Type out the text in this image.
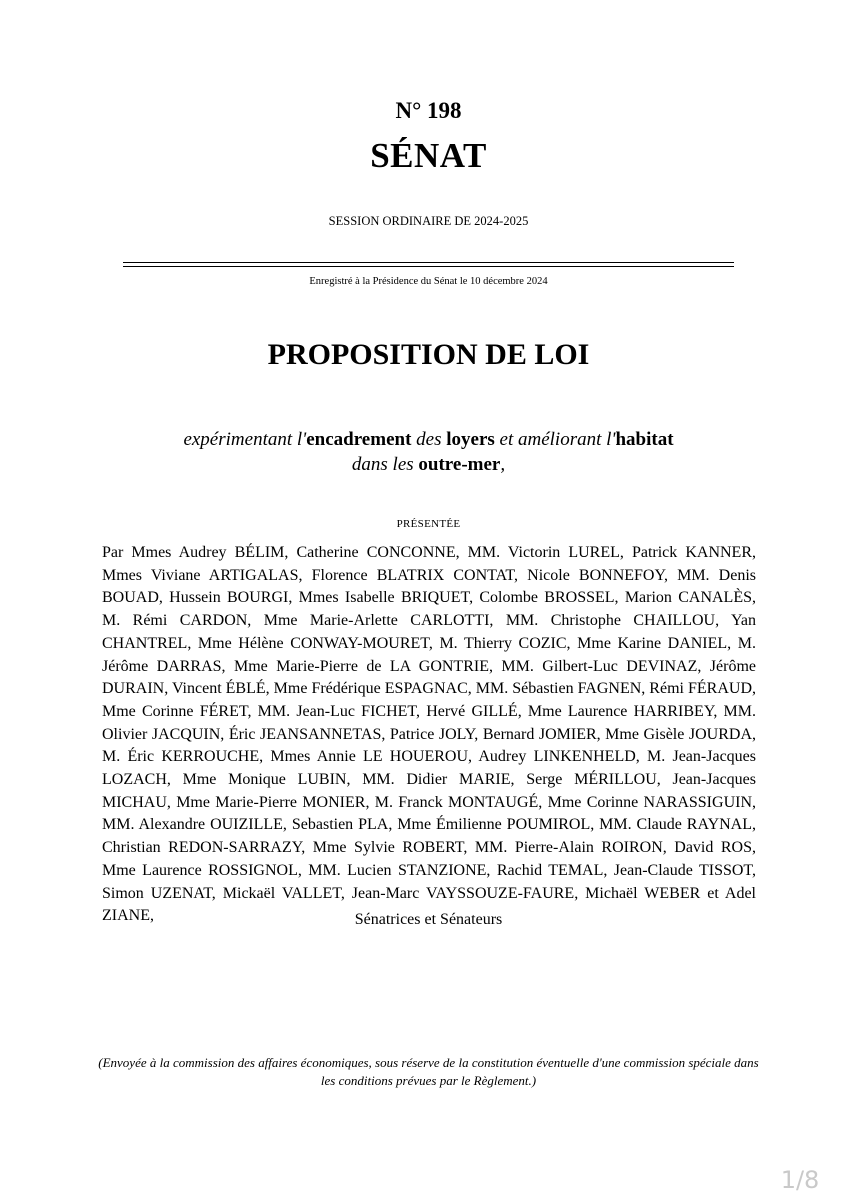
N° 198
SÉNAT
SESSION ORDINAIRE DE 2024-2025
Enregistré à la Présidence du Sénat le 10 décembre 2024
PROPOSITION DE LOI
expérimentant l'encadrement des loyers et améliorant l'habitat
dans les outre-mer,
PRÉSENTÉE
Par Mmes Audrey BÉLIM, Catherine CONCONNE, MM. Victorin LUREL, Patrick KANNER, Mmes Viviane ARTIGALAS, Florence BLATRIX CONTAT, Nicole BONNEFOY, MM. Denis BOUAD, Hussein BOURGI, Mmes Isabelle BRIQUET, Colombe BROSSEL, Marion CANALÈS, M. Rémi CARDON, Mme Marie-Arlette CARLOTTI, MM. Christophe CHAILLOU, Yan CHANTREL, Mme Hélène CONWAY-MOURET, M. Thierry COZIC, Mme Karine DANIEL, M. Jérôme DARRAS, Mme Marie-Pierre de LA GONTRIE, MM. Gilbert-Luc DEVINAZ, Jérôme DURAIN, Vincent ÉBLÉ, Mme Frédérique ESPAGNAC, MM. Sébastien FAGNEN, Rémi FÉRAUD, Mme Corinne FÉRET, MM. Jean-Luc FICHET, Hervé GILLÉ, Mme Laurence HARRIBEY, MM. Olivier JACQUIN, Éric JEANSANNETAS, Patrice JOLY, Bernard JOMIER, Mme Gisèle JOURDA, M. Éric KERROUCHE, Mmes Annie LE HOUEROU, Audrey LINKENHELD, M. Jean-Jacques LOZACH, Mme Monique LUBIN, MM. Didier MARIE, Serge MÉRILLOU, Jean-Jacques MICHAU, Mme Marie-Pierre MONIER, M. Franck MONTAUGÉ, Mme Corinne NARASSIGUIN, MM. Alexandre OUIZILLE, Sebastien PLA, Mme Émilienne POUMIROL, MM. Claude RAYNAL, Christian REDON-SARRAZY, Mme Sylvie ROBERT, MM. Pierre-Alain ROIRON, David ROS, Mme Laurence ROSSIGNOL, MM. Lucien STANZIONE, Rachid TEMAL, Jean-Claude TISSOT, Simon UZENAT, Mickaël VALLET, Jean-Marc VAYSSOUZE-FAURE, Michaël WEBER et Adel ZIANE,	Sénatrices et Sénateurs
(Envoyée à la commission des affaires économiques, sous réserve de la constitution éventuelle d'une commission spéciale dans les conditions prévues par le Règlement.)
1/8
